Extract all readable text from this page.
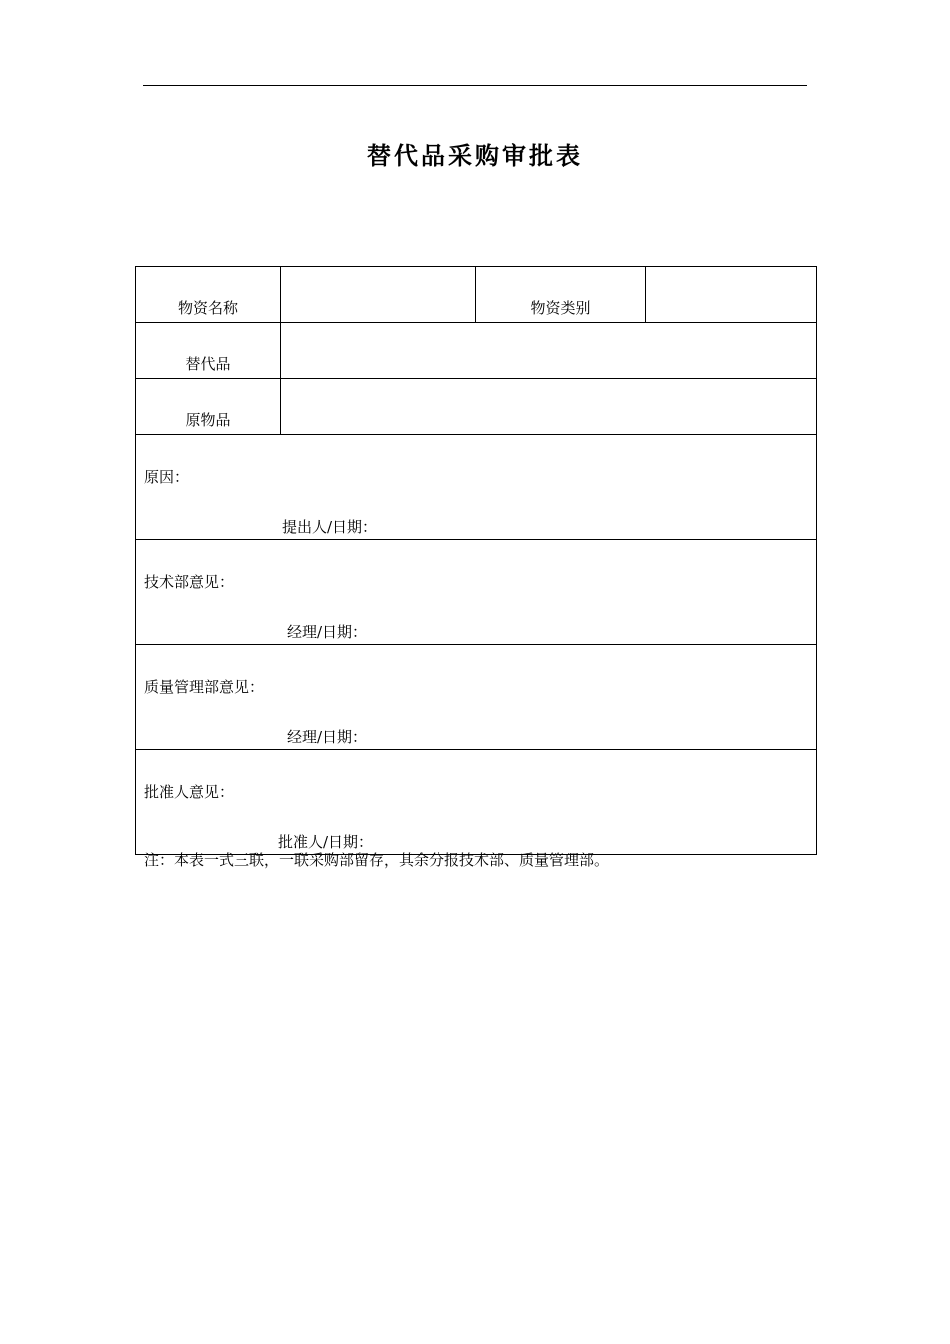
替代品采购审批表
物资名称		物资类别	
替代品			
原物品			

原因：
提出人/日期：			

技术部意见：
经理/日期：			

质量管理部意见：
经理/日期：			

批准人意见：
批准人/日期：			
注：本表一式三联，一联采购部留存，其余分报技术部、质量管理部。
